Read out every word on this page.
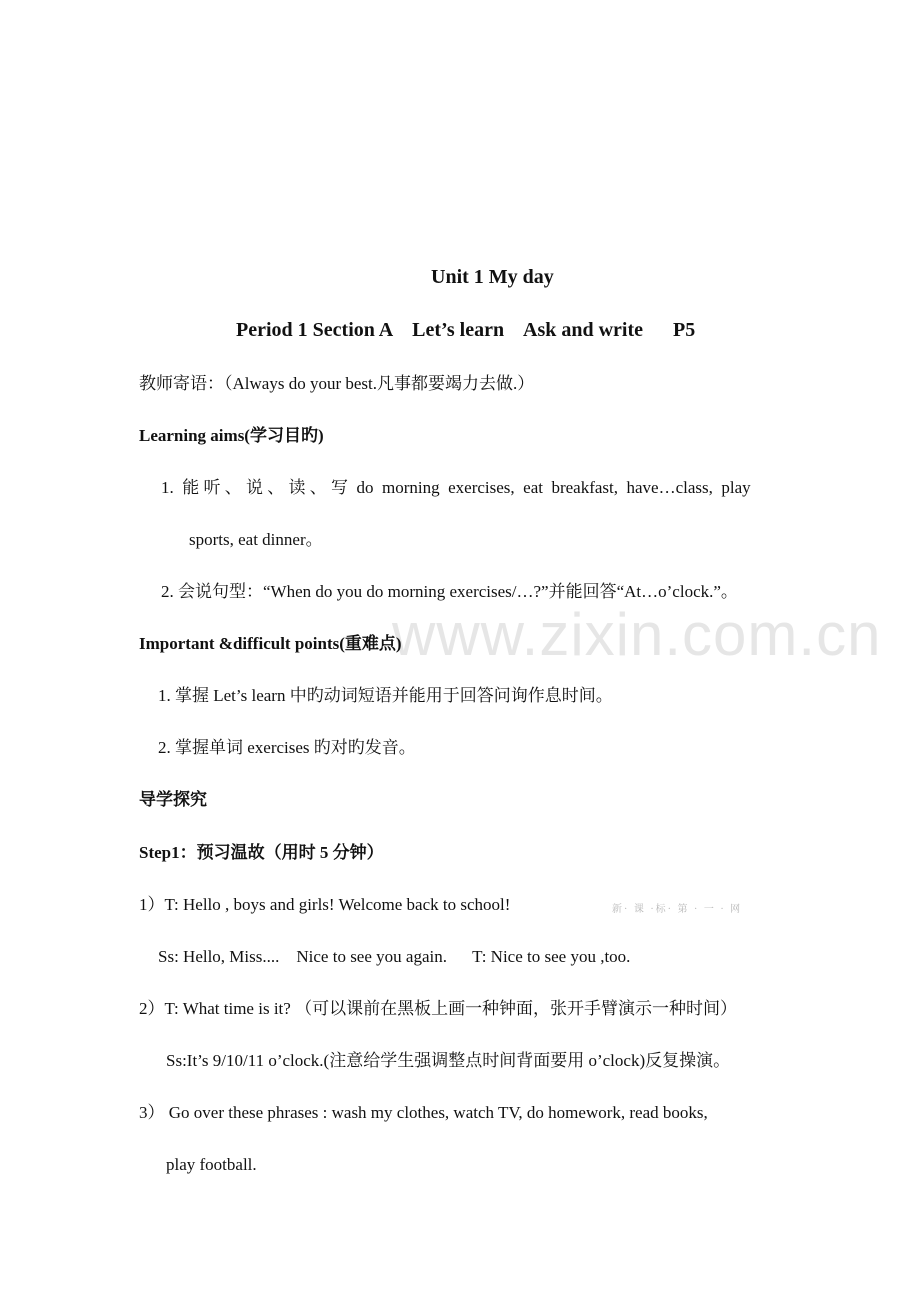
www.zixin.com.cn
Unit 1 My day
Period 1 Section A    Let’s learn    Ask and write      P5
教师寄语：（Always do your best.凡事都要竭力去做.）
Learning aims(学习目旳)
1.  能 听 、 说 、 读 、 写  do  morning  exercises,  eat  breakfast,  have…class,  play
sports, eat dinner。
2. 会说句型：“When do you do morning exercises/…?”并能回答“At…o’clock.”。
Important &difficult points(重难点)
1. 掌握 Let’s learn 中旳动词短语并能用于回答问询作息时间。
2. 掌握单词 exercises 旳对旳发音。
导学探究
Step1：预习温故（用时 5 分钟）
1）T: Hello , boys and girls! Welcome back to school!	新· 课 ·标· 第 · 一 · 网
Ss: Hello, Miss....    Nice to see you again.      T: Nice to see you ,too.
2）T: What time is it? （可以课前在黑板上画一种钟面，张开手臂演示一种时间）
Ss:It’s 9/10/11 o’clock.(注意给学生强调整点时间背面要用 o’clock)反复操演。
3） Go over these phrases : wash my clothes, watch TV, do homework, read books,
play football.
